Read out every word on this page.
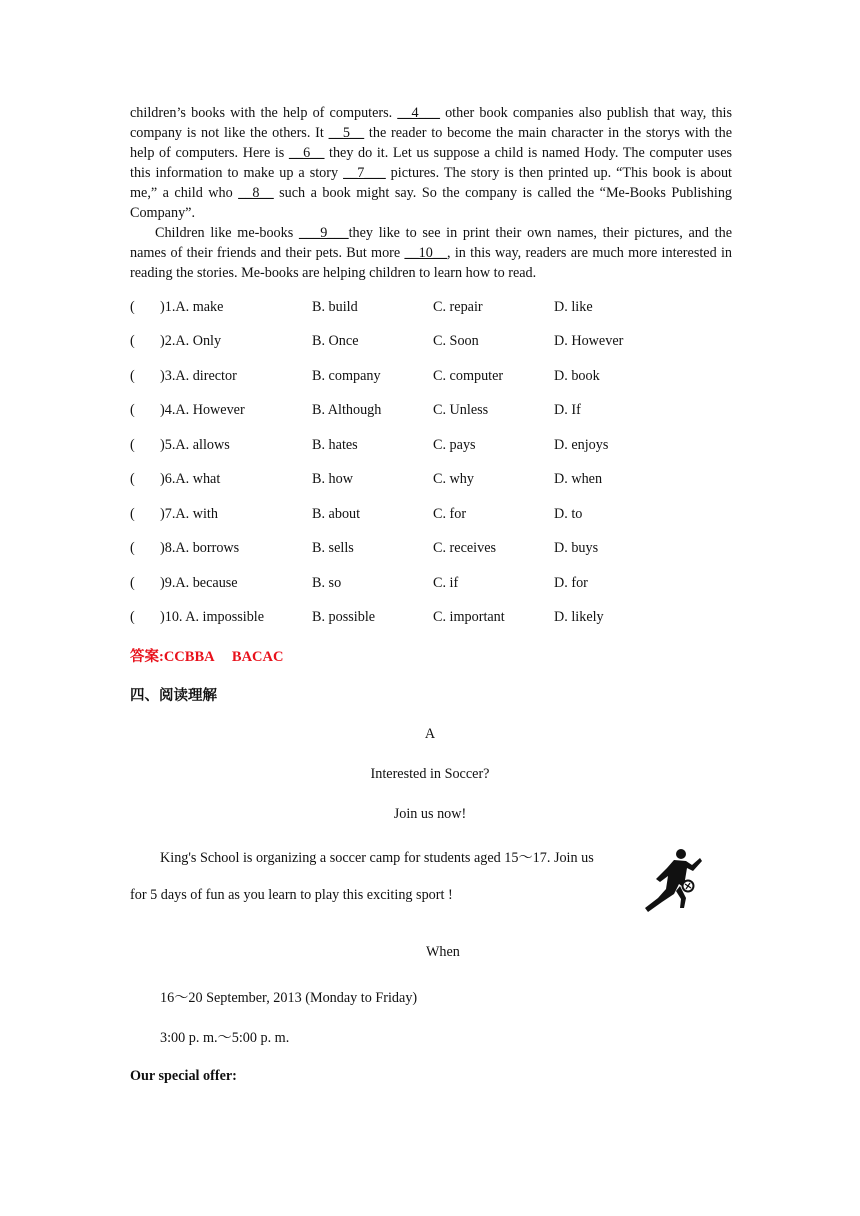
children’s books with the help of computers. __4___ other book companies also publish that way, this company is not like the others. It __5__ the reader to become the main character in the storys with the help of computers. Here is __6__ they do it. Let us suppose a child is named Hody. The computer uses this information to make up a story __7___ pictures. The story is then printed up. “This book is about me,” a child who __8__ such a book might say. So the company is called the “Me-Books Publishing Company”.
Children like me-books ___9___they like to see in print their own names, their pictures, and the names of their friends and their pets. But more __10__, in this way, readers are much more interested in reading the stories. Me-books are helping children to learn how to read.
( )1.A. make	B. build	C. repair	D. like
( )2.A. Only	B. Once	C. Soon	D. However
( )3.A. director	B. company	C. computer	D. book
( )4.A. However	B. Although	C. Unless	D. If
( )5.A. allows	B. hates	C. pays	D. enjoys
( )6.A. what	B. how	C. why	D. when
( )7.A. with	B. about	C. for	D. to
( )8.A. borrows	B. sells	C. receives	D. buys
( )9.A. because	B. so	C. if	D. for
( )10. A. impossible	B. possible	C. important	D. likely
答案:CCBBA     BACAC
四、阅读理解
A
Interested in Soccer?
Join us now!
King's School is organizing a soccer camp for students aged 15～17. Join us
for 5 days of fun as you learn to play this exciting sport !
When
16～20 September, 2013 (Monday to Friday)
3:00 p. m.～5:00 p. m.
Our special offer:
